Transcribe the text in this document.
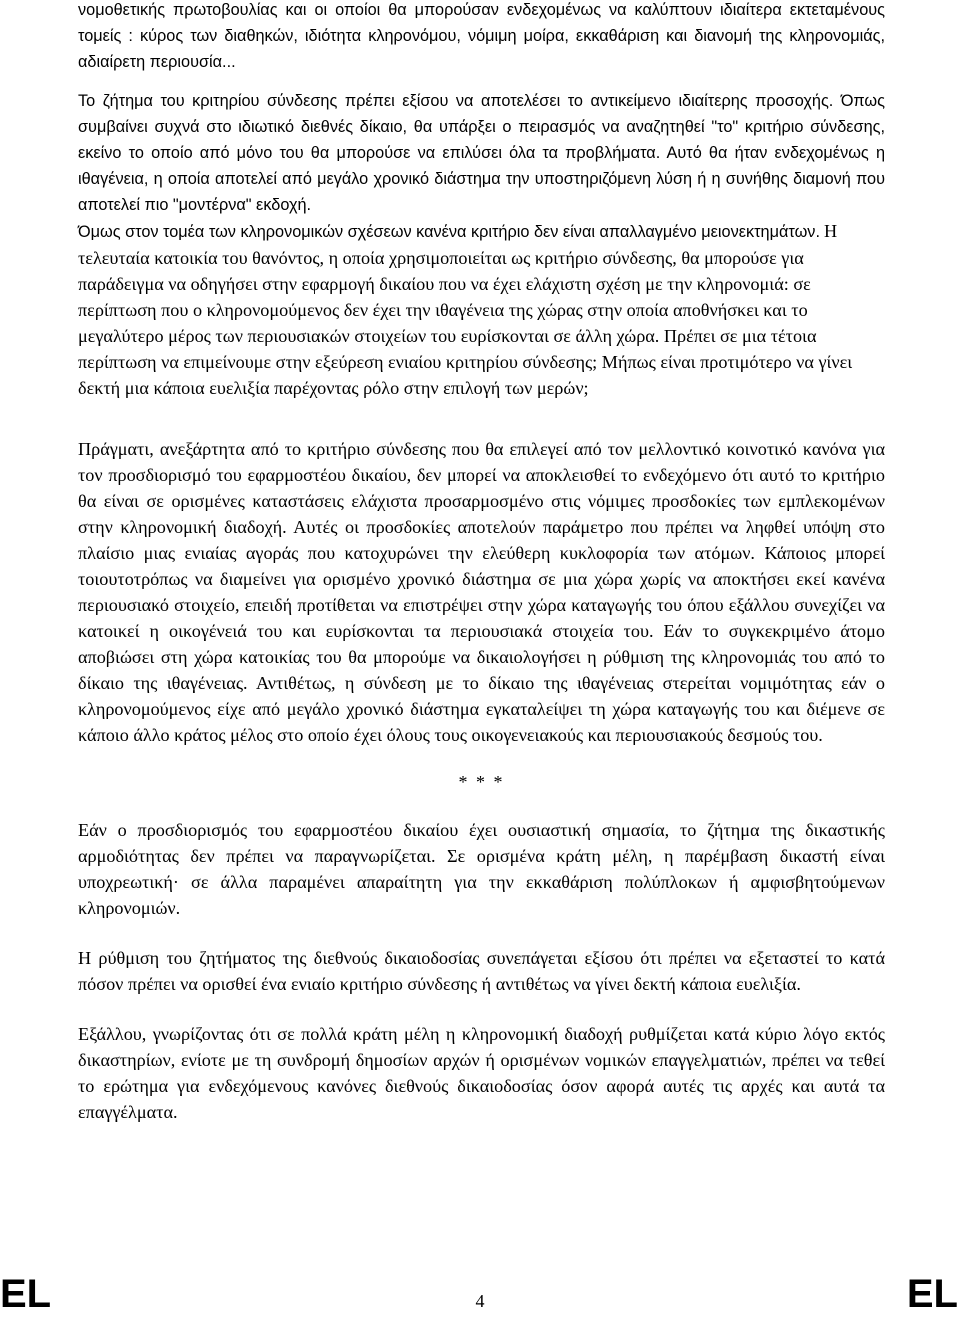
νομοθετικής πρωτοβουλίας και οι οποίοι θα μπορούσαν ενδεχομένως να καλύπτουν ιδιαίτερα εκτεταμένους τομείς : κύρος των διαθηκών, ιδιότητα κληρονόμου, νόμιμη μοίρα, εκκαθάριση και διανομή της κληρονομιάς, αδιαίρετη περιουσία...

Το ζήτημα του κριτηρίου σύνδεσης πρέπει εξίσου να αποτελέσει το αντικείμενο ιδιαίτερης προσοχής. Όπως συμβαίνει συχνά στο ιδιωτικό διεθνές δίκαιο, θα υπάρξει ο πειρασμός να αναζητηθεί "το" κριτήριο σύνδεσης, εκείνο το οποίο από μόνο του θα μπορούσε να επιλύσει όλα τα προβλήματα. Αυτό θα ήταν ενδεχομένως η ιθαγένεια, η οποία αποτελεί από μεγάλο χρονικό διάστημα την υποστηριζόμενη λύση ή η συνήθης διαμονή που αποτελεί πιο "μοντέρνα" εκδοχή.

Όμως στον τομέα των κληρονομικών σχέσεων κανένα κριτήριο δεν είναι απαλλαγμένο μειονεκτημάτων.

Η τελευταία κατοικία του θανόντος, η οποία χρησιμοποιείται ως κριτήριο σύνδεσης, θα μπορούσε για παράδειγμα να οδηγήσει στην εφαρμογή δικαίου που να έχει ελάχιστη σχέση με την κληρονομιά: σε περίπτωση που ο κληρονομούμενος δεν έχει την ιθαγένεια της χώρας στην οποία αποθνήσκει και το μεγαλύτερο μέρος των περιουσιακών στοιχείων του ευρίσκονται σε άλλη χώρα. Πρέπει σε μια τέτοια περίπτωση να επιμείνουμε στην εξεύρεση ενιαίου κριτηρίου σύνδεσης; Μήπως είναι προτιμότερο να γίνει δεκτή μια κάποια ευελιξία παρέχοντας ρόλο στην επιλογή των μερών;

Πράγματι, ανεξάρτητα από το κριτήριο σύνδεσης που θα επιλεγεί από τον μελλοντικό κοινοτικό κανόνα για τον προσδιορισμό του εφαρμοστέου δικαίου, δεν μπορεί να αποκλεισθεί το ενδεχόμενο ότι αυτό το κριτήριο θα είναι σε ορισμένες καταστάσεις ελάχιστα προσαρμοσμένο στις νόμιμες προσδοκίες των εμπλεκομένων στην κληρονομική διαδοχή. Αυτές οι προσδοκίες αποτελούν παράμετρο που πρέπει να ληφθεί υπόψη στο πλαίσιο μιας ενιαίας αγοράς που κατοχυρώνει την ελεύθερη κυκλοφορία των ατόμων. Κάποιος μπορεί τοιουτοτρόπως να διαμείνει για ορισμένο χρονικό διάστημα σε μια χώρα χωρίς να αποκτήσει εκεί κανένα περιουσιακό στοιχείο, επειδή προτίθεται να επιστρέψει στην χώρα καταγωγής του όπου εξάλλου συνεχίζει να κατοικεί η οικογένειά του και ευρίσκονται τα περιουσιακά στοιχεία του. Εάν το συγκεκριμένο άτομο αποβιώσει στη χώρα κατοικίας του θα μπορούμε να δικαιολογήσει η ρύθμιση της κληρονομιάς του από το δίκαιο της ιθαγένειας. Αντιθέτως, η σύνδεση με το δίκαιο της ιθαγένειας στερείται νομιμότητας εάν ο κληρονομούμενος είχε από μεγάλο χρονικό διάστημα εγκαταλείψει τη χώρα καταγωγής του και διέμενε σε κάποιο άλλο κράτος μέλος στο οποίο έχει όλους τους οικογενειακούς και περιουσιακούς δεσμούς του.

* * *

Εάν ο προσδιορισμός του εφαρμοστέου δικαίου έχει ουσιαστική σημασία, το ζήτημα της δικαστικής αρμοδιότητας δεν πρέπει να παραγνωρίζεται. Σε ορισμένα κράτη μέλη, η παρέμβαση δικαστή είναι υποχρεωτική· σε άλλα παραμένει απαραίτητη για την εκκαθάριση πολύπλοκων ή αμφισβητούμενων κληρονομιών.

Η ρύθμιση του ζητήματος της διεθνούς δικαιοδοσίας συνεπάγεται εξίσου ότι πρέπει να εξεταστεί το κατά πόσον πρέπει να ορισθεί ένα ενιαίο κριτήριο σύνδεσης ή αντιθέτως να γίνει δεκτή κάποια ευελιξία.

Εξάλλου, γνωρίζοντας ότι σε πολλά κράτη μέλη η κληρονομική διαδοχή ρυθμίζεται κατά κύριο λόγο εκτός δικαστηρίων, ενίοτε με τη συνδρομή δημοσίων αρχών ή ορισμένων νομικών επαγγελματιών, πρέπει να τεθεί το ερώτημα για ενδεχόμενους κανόνες διεθνούς δικαιοδοσίας όσον αφορά αυτές τις αρχές και αυτά τα επαγγέλματα.

EL	4	EL
